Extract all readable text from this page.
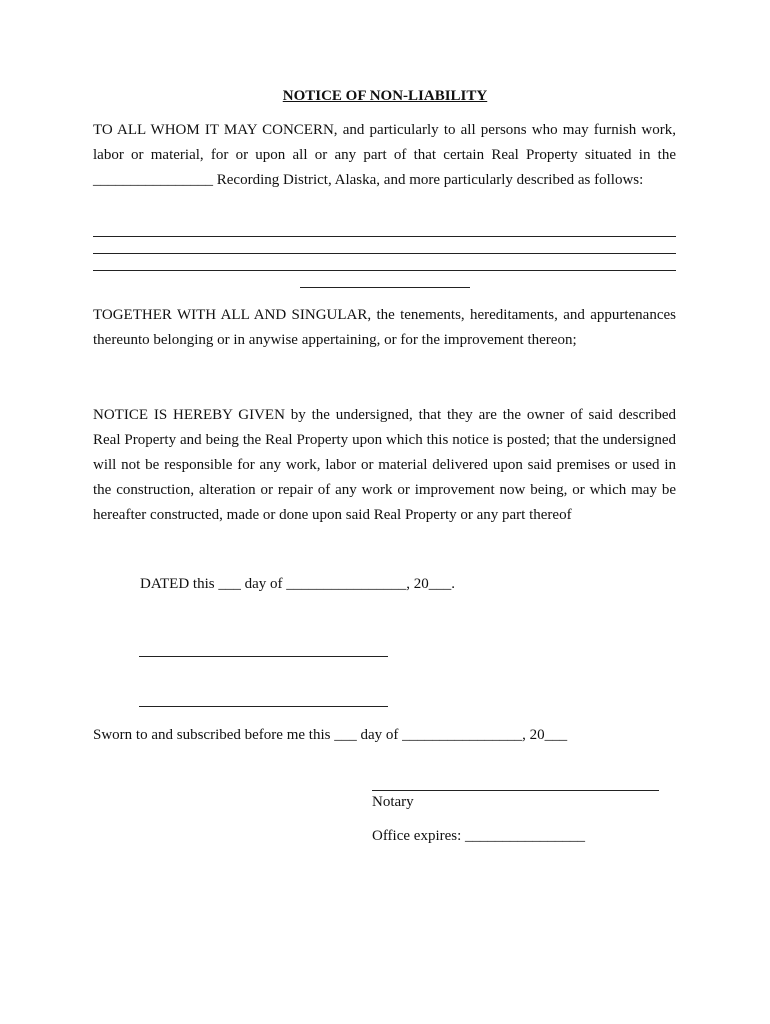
NOTICE OF NON-LIABILITY
TO ALL WHOM IT MAY CONCERN, and particularly to all persons who may furnish work, labor or material, for or upon all or any part of that certain Real Property situated in the ________________ Recording District, Alaska, and more particularly described as follows:
TOGETHER WITH ALL AND SINGULAR, the tenements, hereditaments, and appurtenances thereunto belonging or in anywise appertaining, or for the improvement thereon;
NOTICE IS HEREBY GIVEN by the undersigned, that they are the owner of said described Real Property and being the Real Property upon which this notice is posted; that the undersigned will not be responsible for any work, labor or material delivered upon said premises or used in the construction, alteration or repair of any work or improvement now being, or which may be hereafter constructed, made or done upon said Real Property or any part thereof
DATED this ___ day of ________________, 20___.
Sworn to and subscribed before me this ___ day of ________________, 20___
Notary
Office expires: ________________
